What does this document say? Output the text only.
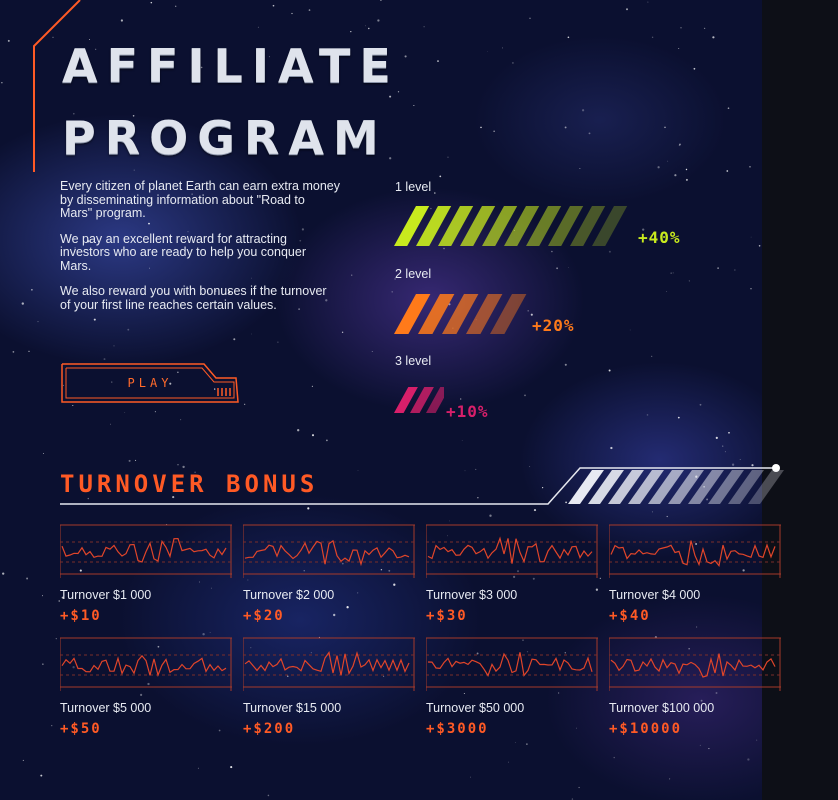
AFFILIATE
PROGRAM

Every citizen of planet Earth can earn extra money by disseminating information about "Road to Mars" program.

We pay an excellent reward for attracting investors who are ready to help you conquer Mars.

We also reward you with bonuses if the turnover of your first line reaches certain values.

PLAY
1 level
+40%
2 level
+20%
3 level
+10%
TURNOVER BONUS
Turnover $1 000
+$10
Turnover $2 000
+$20
Turnover $3 000
+$30
Turnover $4 000
+$40
Turnover $5 000
+$50
Turnover $15 000
+$200
Turnover $50 000
+$3000
Turnover $100 000
+$10000
